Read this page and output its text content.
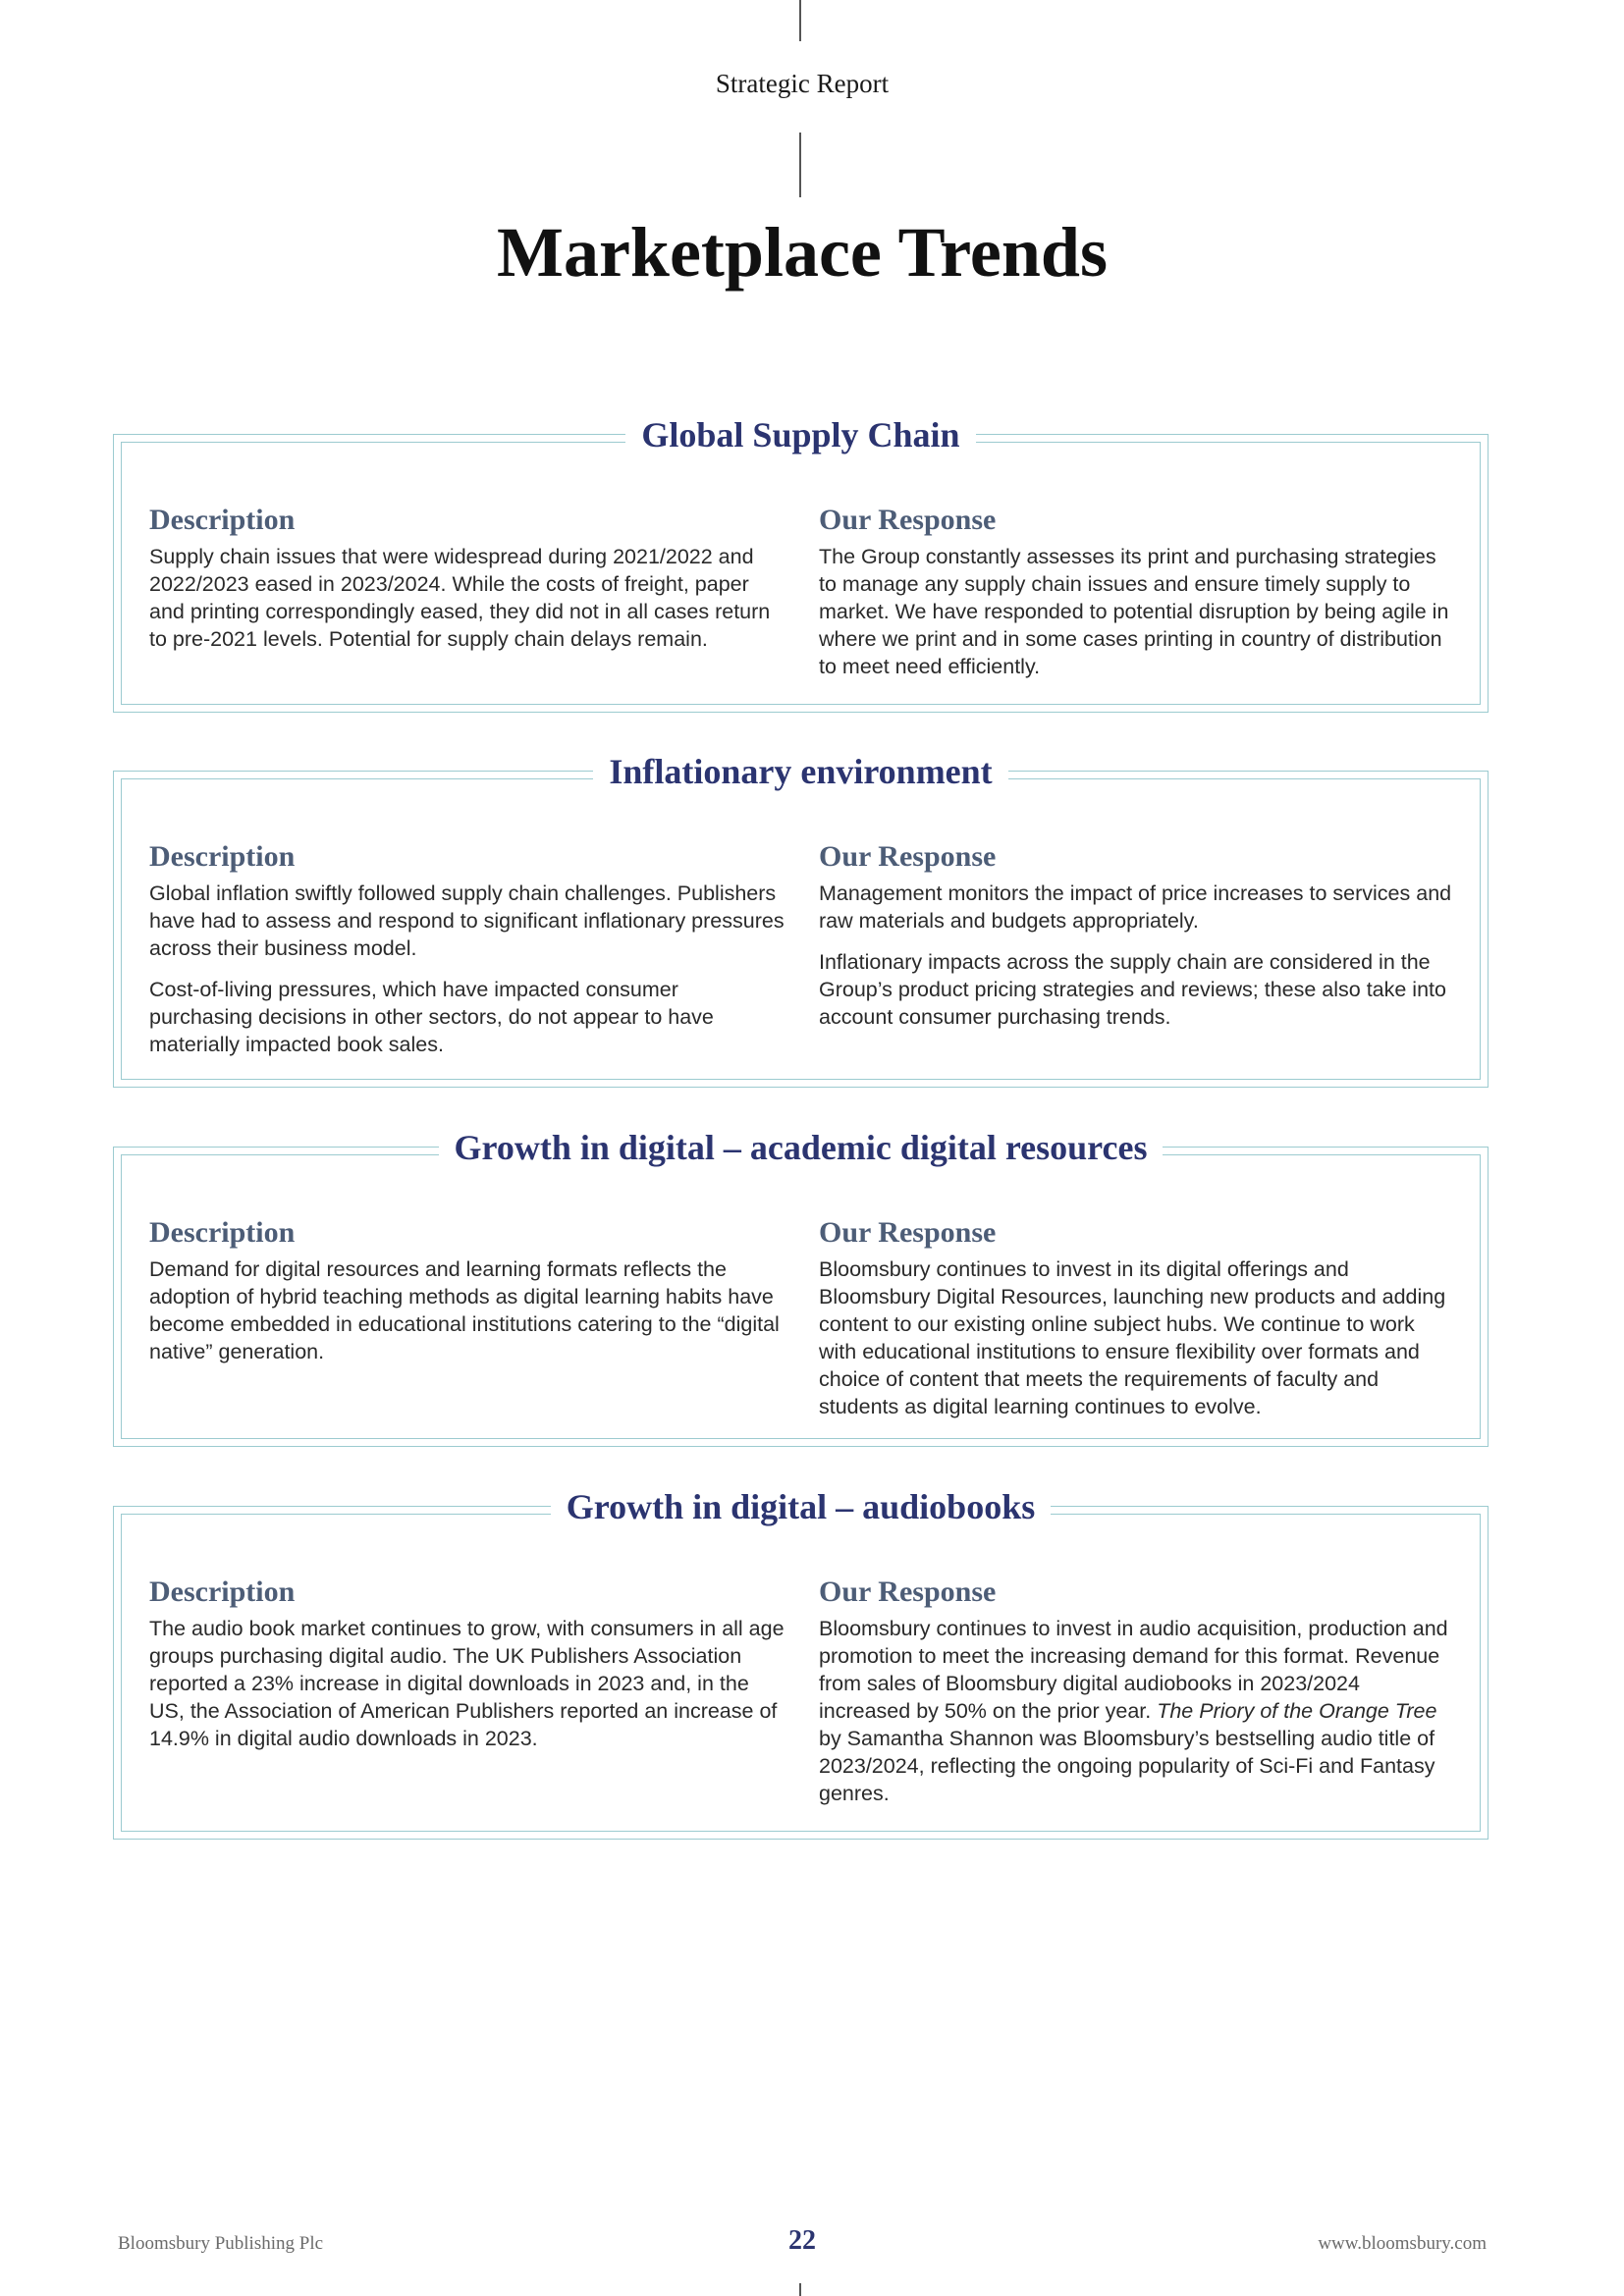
Strategic Report
Marketplace Trends
Global Supply Chain
Description

Supply chain issues that were widespread during 2021/2022 and 2022/2023 eased in 2023/2024. While the costs of freight, paper and printing correspondingly eased, they did not in all cases return to pre-2021 levels. Potential for supply chain delays remain.

Our Response

The Group constantly assesses its print and purchasing strategies to manage any supply chain issues and ensure timely supply to market. We have responded to potential disruption by being agile in where we print and in some cases printing in country of distribution to meet need efficiently.

Inflationary environment
Description

Global inflation swiftly followed supply chain challenges. Publishers have had to assess and respond to significant inflationary pressures across their business model.

Cost-of-living pressures, which have impacted consumer purchasing decisions in other sectors, do not appear to have materially impacted book sales.

Our Response

Management monitors the impact of price increases to services and raw materials and budgets appropriately.

Inflationary impacts across the supply chain are considered in the Group’s product pricing strategies and reviews; these also take into account consumer purchasing trends.

Growth in digital – academic digital resources
Description

Demand for digital resources and learning formats reflects the adoption of hybrid teaching methods as digital learning habits have become embedded in educational institutions catering to the “digital native” generation.

Our Response

Bloomsbury continues to invest in its digital offerings and Bloomsbury Digital Resources, launching new products and adding content to our existing online subject hubs. We continue to work with educational institutions to ensure flexibility over formats and choice of content that meets the requirements of faculty and students as digital learning continues to evolve.

Growth in digital – audiobooks
Description

The audio book market continues to grow, with consumers in all age groups purchasing digital audio. The UK Publishers Association reported a 23% increase in digital downloads in 2023 and, in the US, the Association of American Publishers reported an increase of 14.9% in digital audio downloads in 2023.

Our Response

Bloomsbury continues to invest in audio acquisition, production and promotion to meet the increasing demand for this format. Revenue from sales of Bloomsbury digital audiobooks in 2023/2024 increased by 50% on the prior year. The Priory of the Orange Tree by Samantha Shannon was Bloomsbury’s bestselling audio title of 2023/2024, reflecting the ongoing popularity of Sci-Fi and Fantasy genres.

Bloomsbury Publishing Plc	22	www.bloomsbury.com
